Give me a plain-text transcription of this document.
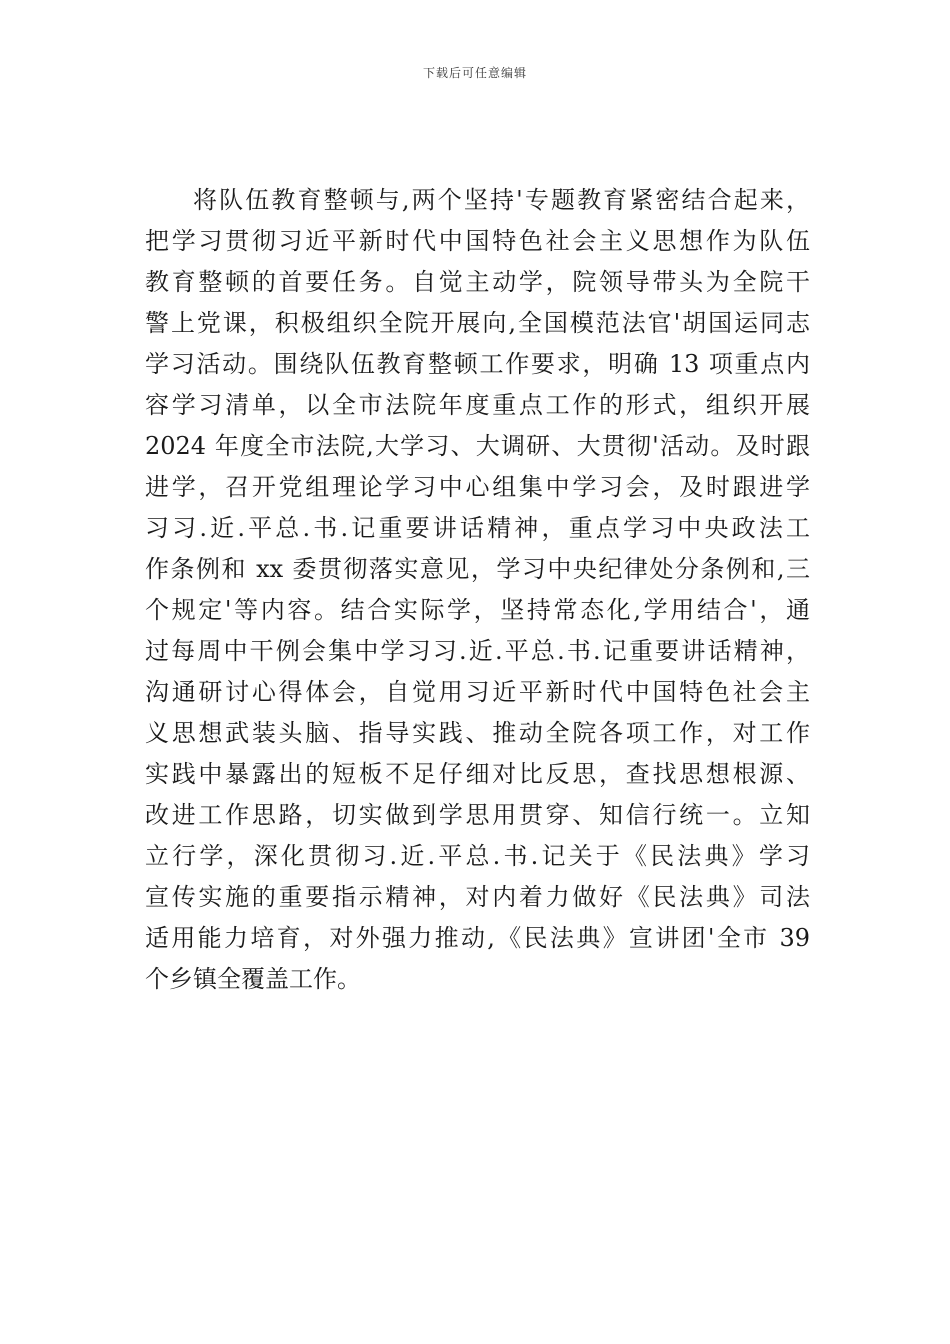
下载后可任意编辑
将队伍教育整顿与,两个坚持'专题教育紧密结合起来，
把学习贯彻习近平新时代中国特色社会主义思想作为队伍
教育整顿的首要任务。自觉主动学，院领导带头为全院干
警上党课，积极组织全院开展向,全国模范法官'胡国运同志
学习活动。围绕队伍教育整顿工作要求，明确 13 项重点内
容学习清单，以全市法院年度重点工作的形式，组织开展
2024 年度全市法院,大学习、大调研、大贯彻'活动。及时跟
进学，召开党组理论学习中心组集中学习会，及时跟进学
习习.近.平总.书.记重要讲话精神，重点学习中央政法工
作条例和 xx 委贯彻落实意见，学习中央纪律处分条例和,三
个规定'等内容。结合实际学，坚持常态化,学用结合'，通
过每周中干例会集中学习习.近.平总.书.记重要讲话精神，
沟通研讨心得体会，自觉用习近平新时代中国特色社会主
义思想武装头脑、指导实践、推动全院各项工作，对工作
实践中暴露出的短板不足仔细对比反思，查找思想根源、
改进工作思路，切实做到学思用贯穿、知信行统一。立知
立行学，深化贯彻习.近.平总.书.记关于《民法典》学习
宣传实施的重要指示精神，对内着力做好《民法典》司法
适用能力培育，对外强力推动,《民法典》宣讲团'全市 39
个乡镇全覆盖工作。
